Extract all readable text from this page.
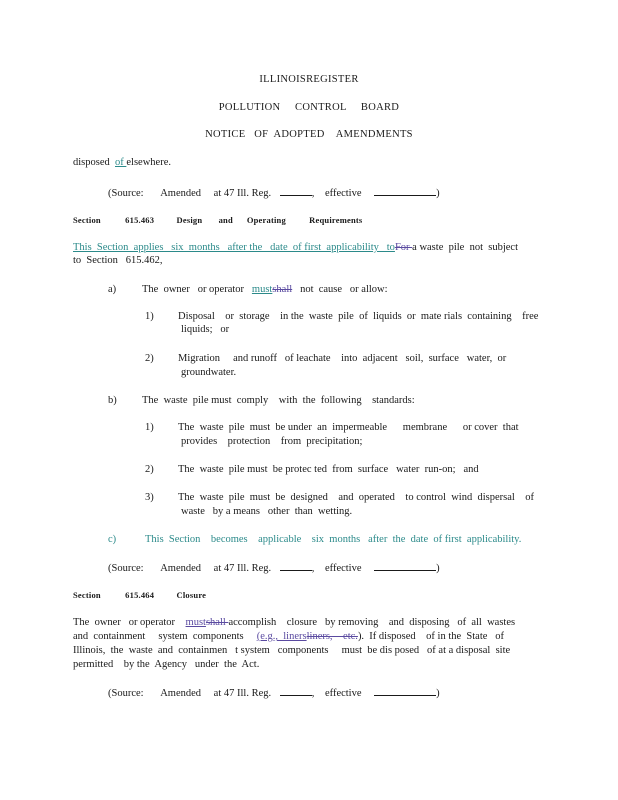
ILLINOISREGISTER
POLLUTION     CONTROL     BOARD
NOTICE   OF  ADOPTED    AMENDMENTS
disposed  of elsewhere.
(Source: Amended at 47 Ill. Reg.	, effective	)
Section	615.463	Design       and      Operating          Requirements
This  Section  applies   six  months   after the   date  of first  applicability   toFor a waste  pile  not  subject
to  Section   615.462,
a) The  owner   or operator mustshall not  cause   or allow:
1) Disposal    or  storage    in the  waste  pile  of  liquids  or  mate rials  containing    free
liquids;   or
2) Migration     and runoff   of leachate    into  adjacent   soil,  surface   water,  or
groundwater.
b) The  waste  pile must  comply    with  the  following    standards:
1) The  waste  pile  must  be under  an  impermeable      membrane      or cover  that
provides    protection    from  precipitation;
2) The  waste  pile must  be protec ted  from  surface   water  run-on;   and
3) The  waste  pile  must  be  designed    and  operated    to control  wind  dispersal    of
waste   by a means   other  than  wetting.
c)	This  Section    becomes    applicable    six  months   after  the  date  of first  applicability.
(Source: Amended at 47 Ill. Reg.	, effective	)
Section	615.464	Closure
The  owner   or operator mustshall accomplish    closure   by removing    and  disposing   of  all  wastes
and  containment     system  components (e.g.,  linersliners,    etc.).  If disposed    of in the  State   of
Illinois,  the  waste  and  containmen   t system   components     must  be dis posed   of at a disposal  site
permitted    by the  Agency   under  the  Act.
(Source: Amended at 47 Ill. Reg.	, effective	)
